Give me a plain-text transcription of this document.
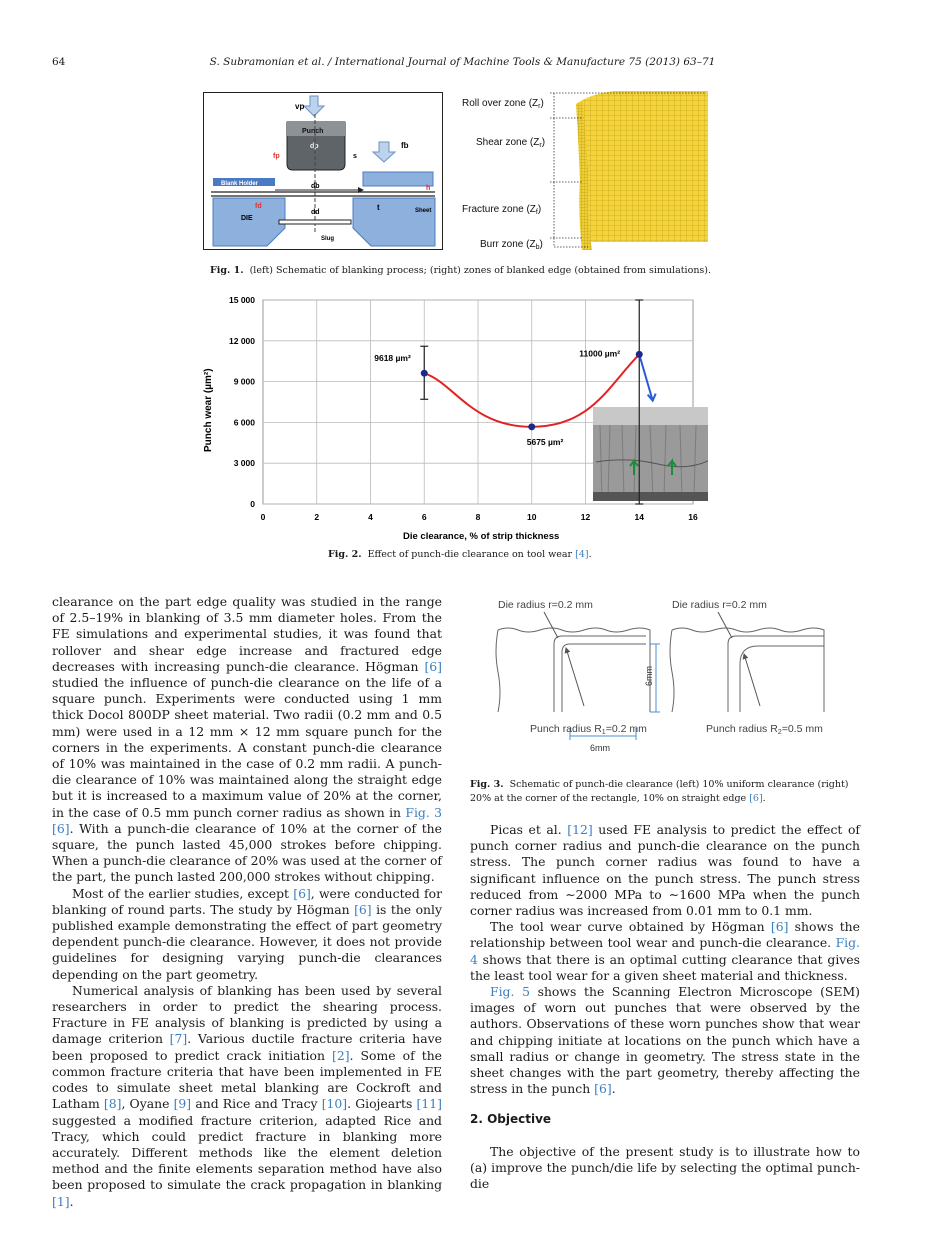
64	S. Subramonian et al. / International Journal of Machine Tools & Manufacture 75 (2013) 63–71
vp
Punch
dp
s
fb
fp
Blank Holder	db	h
fd
dd
t
DIE
Sheet
Slug
Roll over zone $(Z_r)$
Shear zone $(Z_r)$
Fracture zone $(Z_f)$
Burr zone $(Z_b)$
Fig. 1. (left) Schematic of blanking process; (right) zones of blanked edge (obtained from simulations).
0
3 000
6 000
9 000
12 000
15 000
0	2	4	6	8	10	12	14	16
Punch wear (µm²)
Die clearance, % of strip thickness
9618 µm²
5675 µm²
11000 µm²
Fig. 2. Effect of punch-die clearance on tool wear [4].
Die radius r=0.2 mm	Die radius r=0.2 mm
6mm
6mm
Punch radius R1=0.2 mm	Punch radius R2=0.5 mm
Fig. 3. Schematic of punch-die clearance (left) 10% uniform clearance (right) 20% at the corner of the rectangle, 10% on straight edge [6].

clearance on the part edge quality was studied in the range of 2.5–19% in blanking of 3.5 mm diameter holes. From the FE simulations and experimental studies, it was found that rollover and shear edge increase and fractured edge decreases with increasing punch-die clearance. Högman [6] studied the influence of punch-die clearance on the life of a square punch. Experiments were conducted using 1 mm thick Docol 800DP sheet material. Two radii (0.2 mm and 0.5 mm) were used in a 12 mm × 12 mm square punch for the corners in the experiments. A constant punch-die clearance of 10% was maintained in the case of 0.2 mm radii. A punch-die clearance of 10% was maintained along the straight edge but it is increased to a maximum value of 20% at the corner, in the case of 0.5 mm punch corner radius as shown in Fig. 3 [6]. With a punch-die clearance of 10% at the corner of the square, the punch lasted 45,000 strokes before chipping. When a punch-die clearance of 20% was used at the corner of the part, the punch lasted 200,000 strokes without chipping.

Most of the earlier studies, except [6], were conducted for blanking of round parts. The study by Högman [6] is the only published example demonstrating the effect of part geometry dependent punch-die clearance. However, it does not provide guidelines for designing varying punch-die clearances depending on the part geometry.

Numerical analysis of blanking has been used by several researchers in order to predict the shearing process. Fracture in FE analysis of blanking is predicted by using a damage criterion [7]. Various ductile fracture criteria have been proposed to predict crack initiation [2]. Some of the common fracture criteria that have been implemented in FE codes to simulate sheet metal blanking are Cockroft and Latham [8], Oyane [9] and Rice and Tracy [10]. Giojearts [11] suggested a modified fracture criterion, adapted Rice and Tracy, which could predict fracture in blanking more accurately. Different methods like the element deletion method and the finite elements separation method have also been proposed to simulate the crack propagation in blanking [1].

Picas et al. [12] used FE analysis to predict the effect of punch corner radius and punch-die clearance on the punch stress. The punch corner radius was found to have a significant influence on the punch stress. The punch stress reduced from ∼2000 MPa to ∼1600 MPa when the punch corner radius was increased from 0.01 mm to 0.1 mm.

The tool wear curve obtained by Högman [6] shows the relationship between tool wear and punch-die clearance. Fig. 4 shows that there is an optimal cutting clearance that gives the least tool wear for a given sheet material and thickness.

Fig. 5 shows the Scanning Electron Microscope (SEM) images of worn out punches that were observed by the authors. Observations of these worn punches show that wear and chipping initiate at locations on the punch which have a small radius or change in geometry. The stress state in the sheet changes with the part geometry, thereby affecting the stress in the punch [6].

2. Objective

The objective of the present study is to illustrate how to (a) improve the punch/die life by selecting the optimal punch-die
